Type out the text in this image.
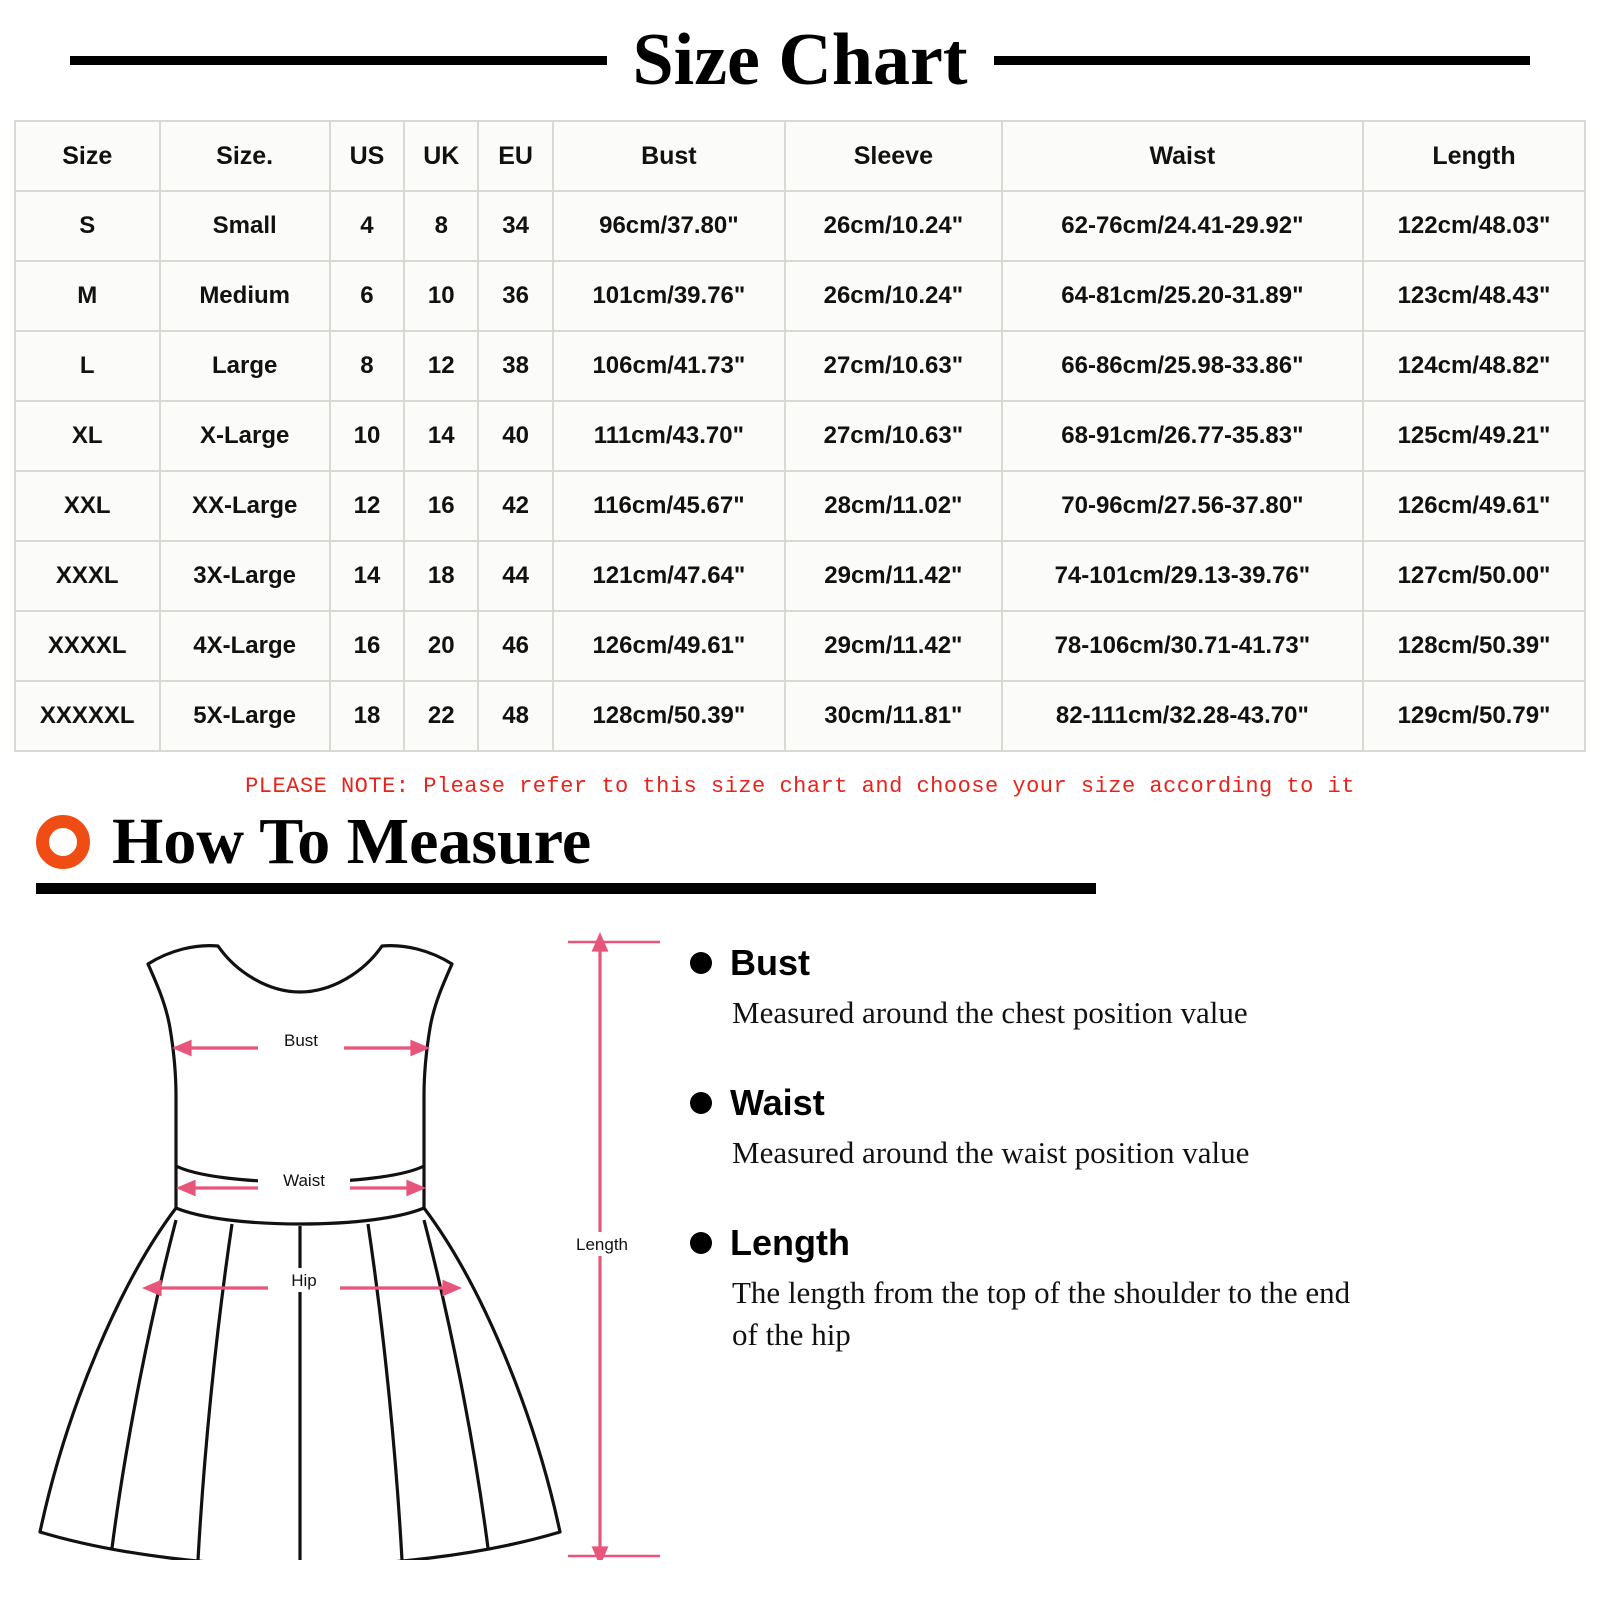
Size Chart
Size	Size.	US	UK	EU	Bust	Sleeve	Waist	Length
S	Small	4	8	34	96cm/37.80"	26cm/10.24"	62-76cm/24.41-29.92"	122cm/48.03"
M	Medium	6	10	36	101cm/39.76"	26cm/10.24"	64-81cm/25.20-31.89"	123cm/48.43"
L	Large	8	12	38	106cm/41.73"	27cm/10.63"	66-86cm/25.98-33.86"	124cm/48.82"
XL	X-Large	10	14	40	111cm/43.70"	27cm/10.63"	68-91cm/26.77-35.83"	125cm/49.21"
XXL	XX-Large	12	16	42	116cm/45.67"	28cm/11.02"	70-96cm/27.56-37.80"	126cm/49.61"
XXXL	3X-Large	14	18	44	121cm/47.64"	29cm/11.42"	74-101cm/29.13-39.76"	127cm/50.00"
XXXXL	4X-Large	16	20	46	126cm/49.61"	29cm/11.42"	78-106cm/30.71-41.73"	128cm/50.39"
XXXXXL	5X-Large	18	22	48	128cm/50.39"	30cm/11.81"	82-111cm/32.28-43.70"	129cm/50.79"
PLEASE NOTE: Please refer to this size chart and choose your size according to it
How To Measure
Bust
Waist
Hip
Length
Bust
Measured around the chest position value
Waist
Measured around the waist position value
Length
The length from the top of the shoulder to the end of the hip
